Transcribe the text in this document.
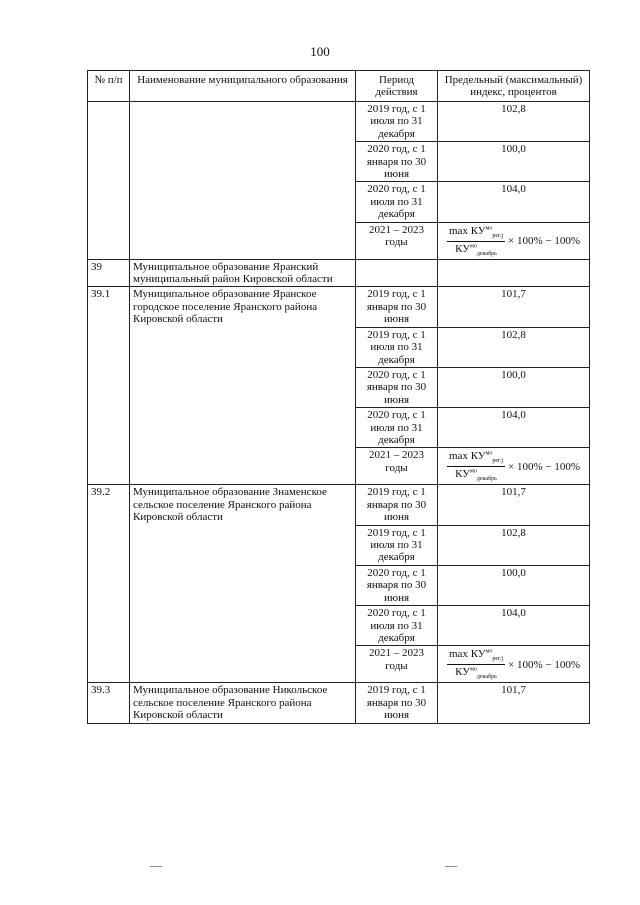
100
№ п/п	Наименование муниципального образования	Период действия	Предельный (максимальный) индекс, процентов
		2019 год, с 1 июля по 31 декабря	102,8
		2020 год, с 1 января по 30 июня	100,0
		2020 год, с 1 июля по 31 декабря	104,0
		2021 – 2023 годы	$\frac{\max КУ^{мо}_{рег.j}}{КУ^{мо}_{декабрь}} \times 100\% - 100\%$

39	Муниципальное образование Яранский муниципальный район Кировской области		
39.1	Муниципальное образование Яранское городское поселение Яранского района Кировской области	2019 год, с 1 января по 30 июня	101,7
		2019 год, с 1 июля по 31 декабря	102,8
		2020 год, с 1 января по 30 июня	100,0
		2020 год, с 1 июля по 31 декабря	104,0
		2021 – 2023 годы	$\frac{\max КУ^{мо}_{рег.j}}{КУ^{мо}_{декабрь}} \times 100\% - 100\%$

39.2	Муниципальное образование Знаменское сельское поселение Яранского района Кировской области	2019 год, с 1 января по 30 июня	101,7
		2019 год, с 1 июля по 31 декабря	102,8
		2020 год, с 1 января по 30 июня	100,0
		2020 год, с 1 июля по 31 декабря	104,0
		2021 – 2023 годы	$\frac{\max КУ^{мо}_{рег.j}}{КУ^{мо}_{декабрь}} \times 100\% - 100\%$

39.3	Муниципальное образование Никольское сельское поселение Яранского района Кировской области	2019 год, с 1 января по 30 июня	101,7
